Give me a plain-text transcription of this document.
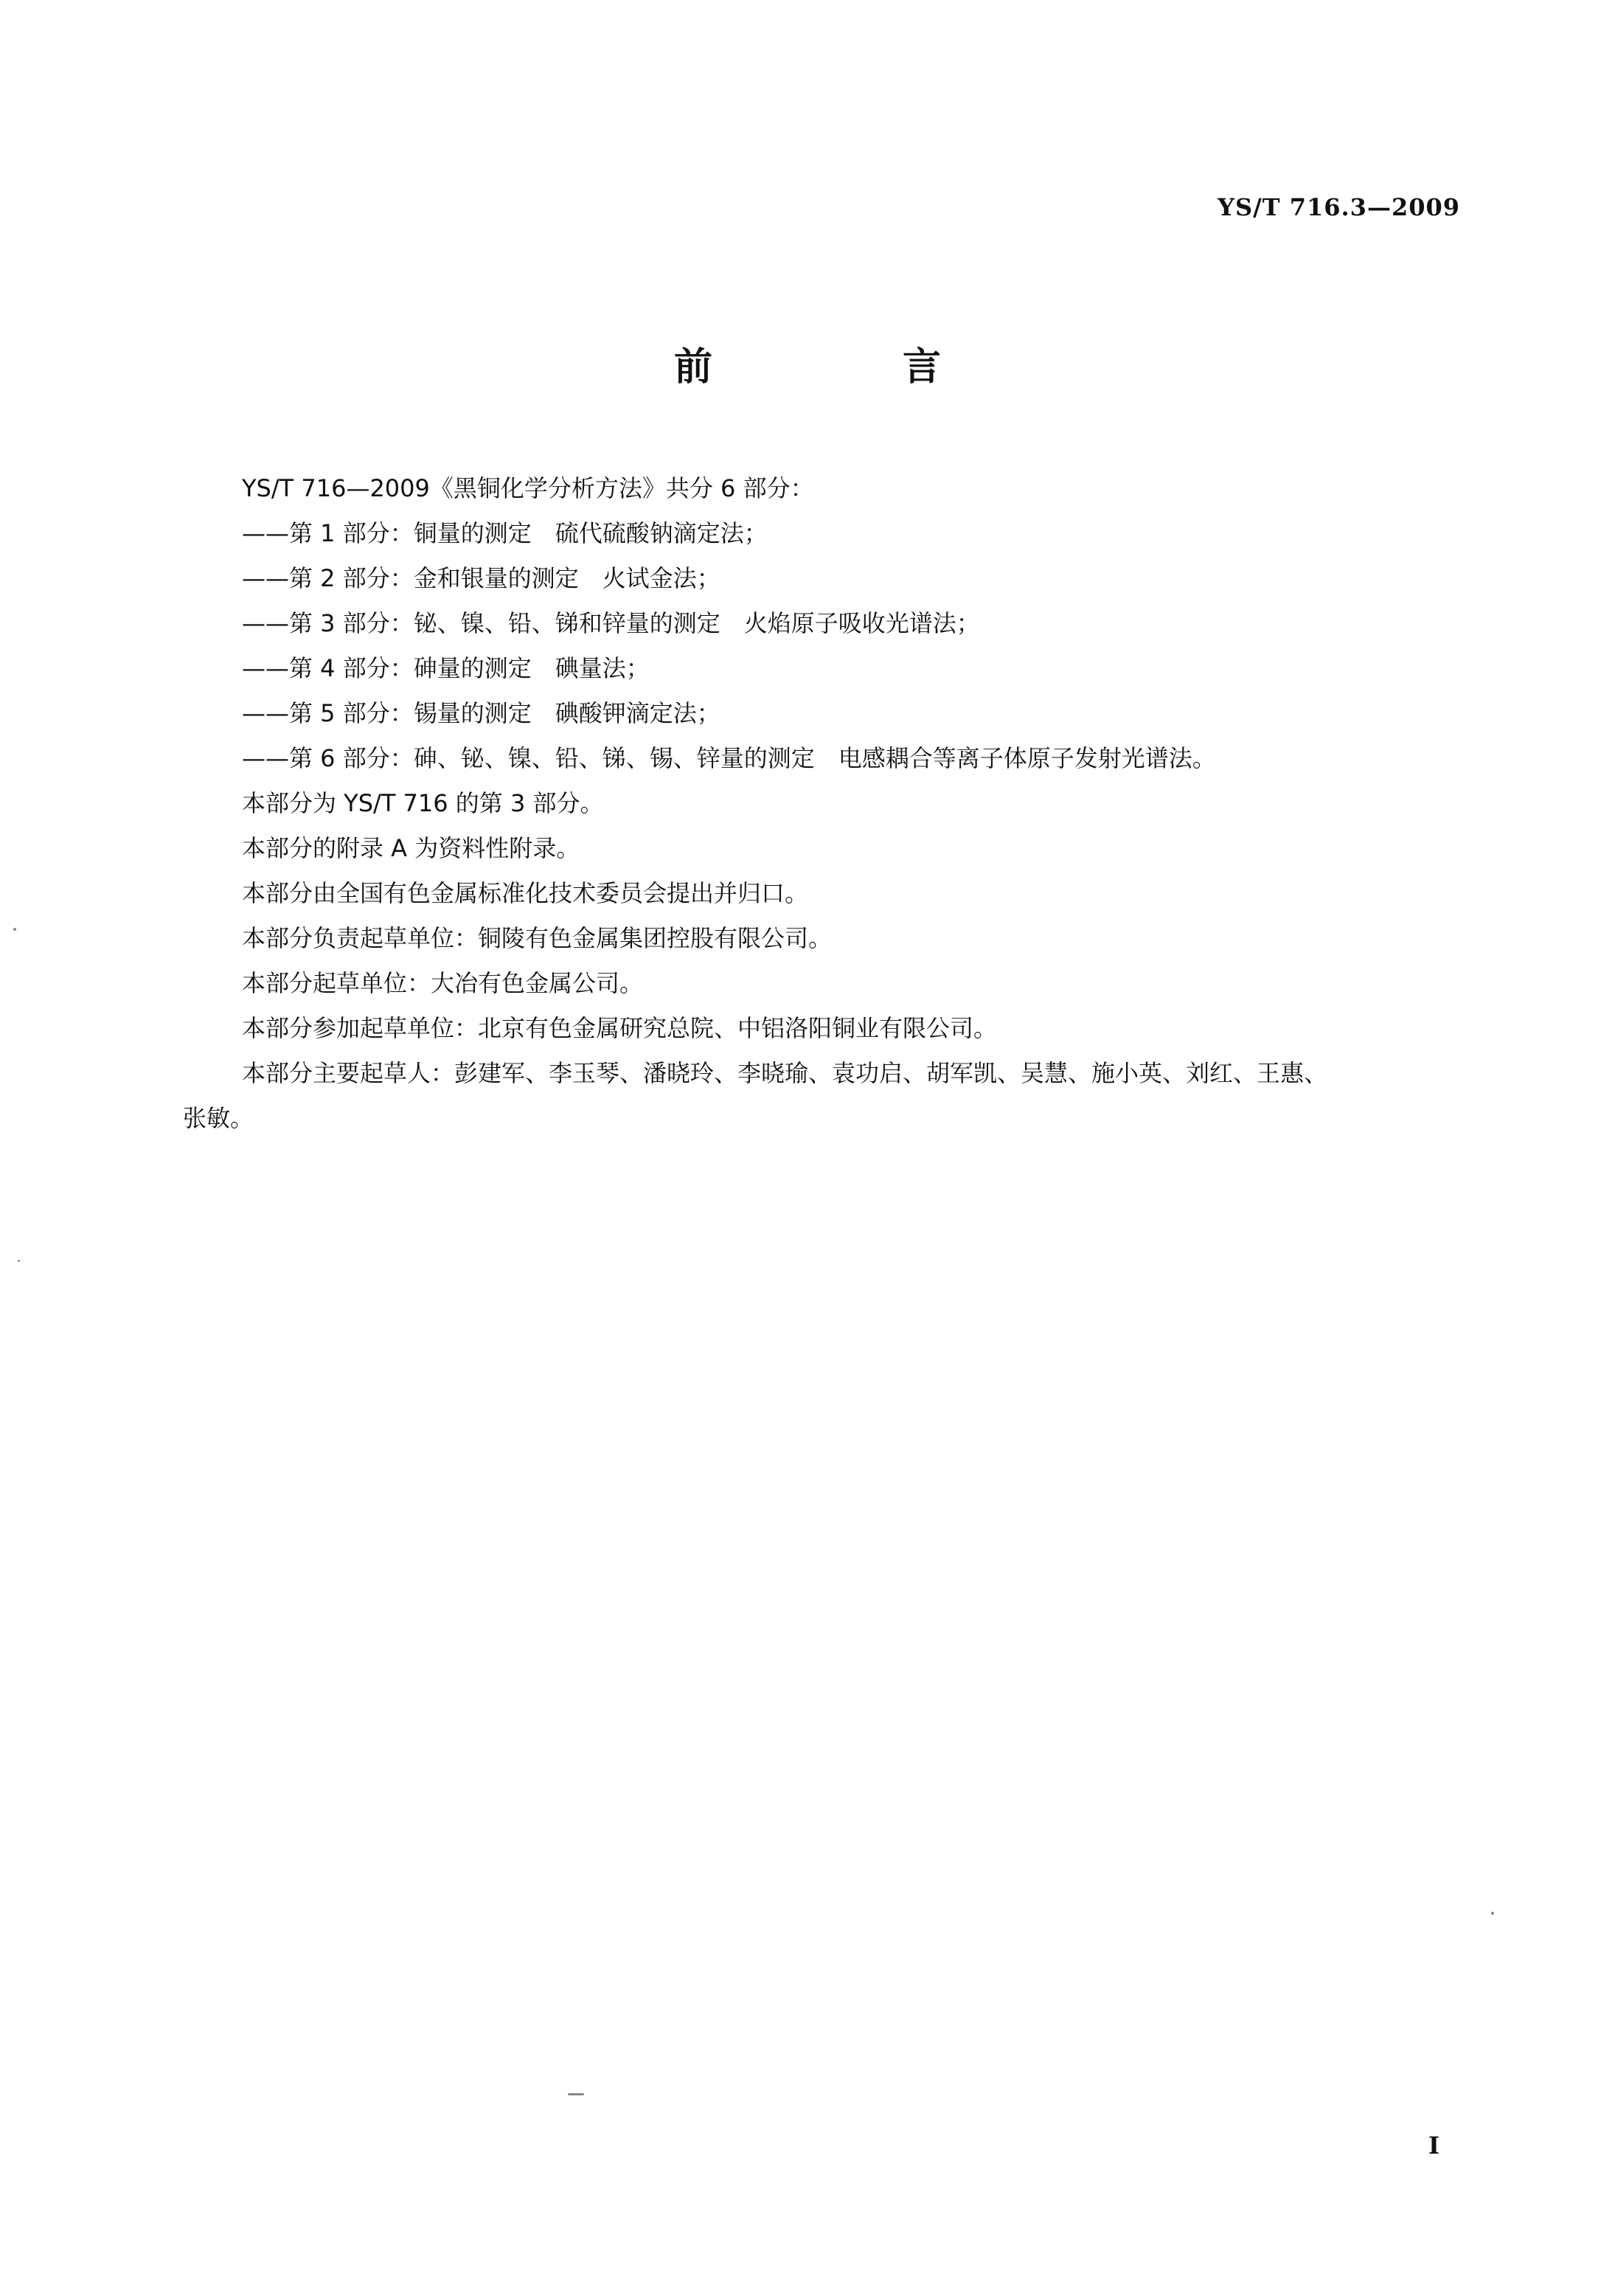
YS/T 716.3—2009
前 言

YS/T 716—2009《黑铜化学分析方法》共分 6 部分：

——第 1 部分：铜量的测定　硫代硫酸钠滴定法；

——第 2 部分：金和银量的测定　火试金法；

——第 3 部分：铋、镍、铅、锑和锌量的测定　火焰原子吸收光谱法；

——第 4 部分：砷量的测定　碘量法；

——第 5 部分：锡量的测定　碘酸钾滴定法；

——第 6 部分：砷、铋、镍、铅、锑、锡、锌量的测定　电感耦合等离子体原子发射光谱法。

本部分为 YS/T 716 的第 3 部分。

本部分的附录 A 为资料性附录。

本部分由全国有色金属标准化技术委员会提出并归口。

本部分负责起草单位：铜陵有色金属集团控股有限公司。

本部分起草单位：大冶有色金属公司。

本部分参加起草单位：北京有色金属研究总院、中铝洛阳铜业有限公司。

本部分主要起草人：彭建军、李玉琴、潘晓玲、李晓瑜、袁功启、胡军凯、吴慧、施小英、刘红、王惠、

张敏。

I
